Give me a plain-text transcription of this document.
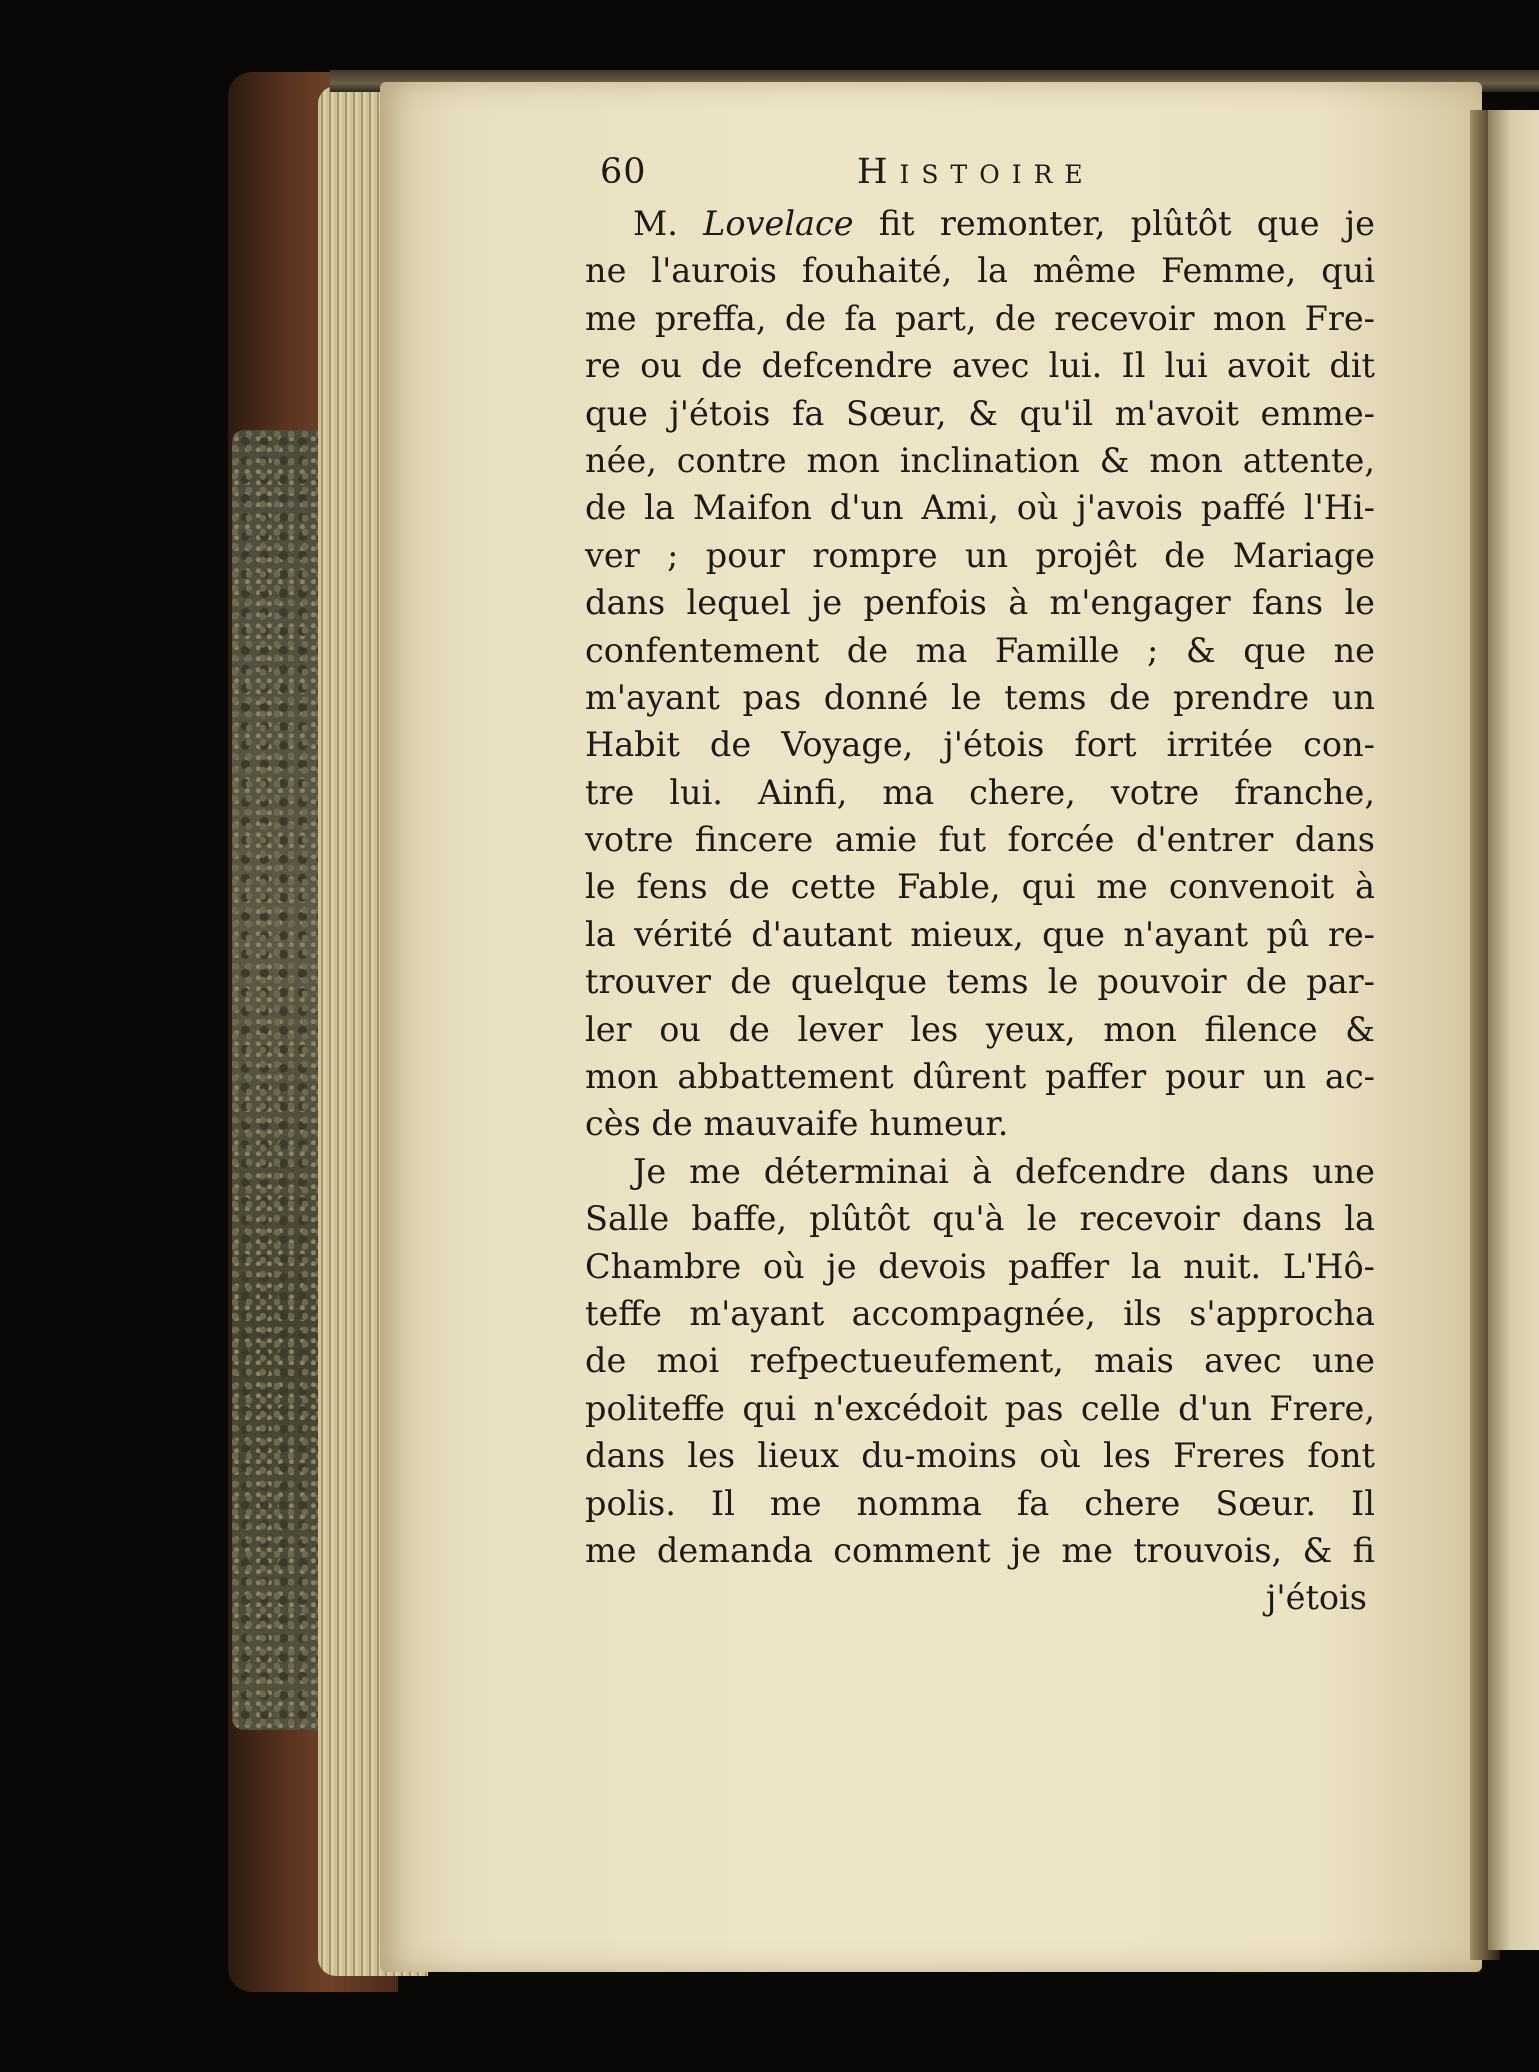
60	Histoire
M. Lovelace fit remonter, plûtôt que je
ne l'aurois fouhaité, la même Femme, qui
me preffa, de fa part, de recevoir mon Fre-
re ou de defcendre avec lui. Il lui avoit dit
que j'étois fa Sœur, & qu'il m'avoit emme-
née, contre mon inclination & mon attente,
de la Maifon d'un Ami, où j'avois paffé l'Hi-
ver ; pour rompre un projêt de Mariage
dans lequel je penfois à m'engager fans le
confentement de ma Famille ; & que ne
m'ayant pas donné le tems de prendre un
Habit de Voyage, j'étois fort irritée con-
tre lui. Ainfi, ma chere, votre franche,
votre fincere amie fut forcée d'entrer dans
le fens de cette Fable, qui me convenoit à
la vérité d'autant mieux, que n'ayant pû re-
trouver de quelque tems le pouvoir de par-
ler ou de lever les yeux, mon filence &
mon abbattement dûrent paffer pour un ac-
cès de mauvaife humeur.
Je me déterminai à defcendre dans une
Salle baffe, plûtôt qu'à le recevoir dans la
Chambre où je devois paffer la nuit. L'Hô-
teffe m'ayant accompagnée, ils s'approcha
de moi refpectueufement, mais avec une
politeffe qui n'excédoit pas celle d'un Frere,
dans les lieux du-moins où les Freres font
polis. Il me nomma fa chere Sœur. Il
me demanda comment je me trouvois, & fi
j'étois
